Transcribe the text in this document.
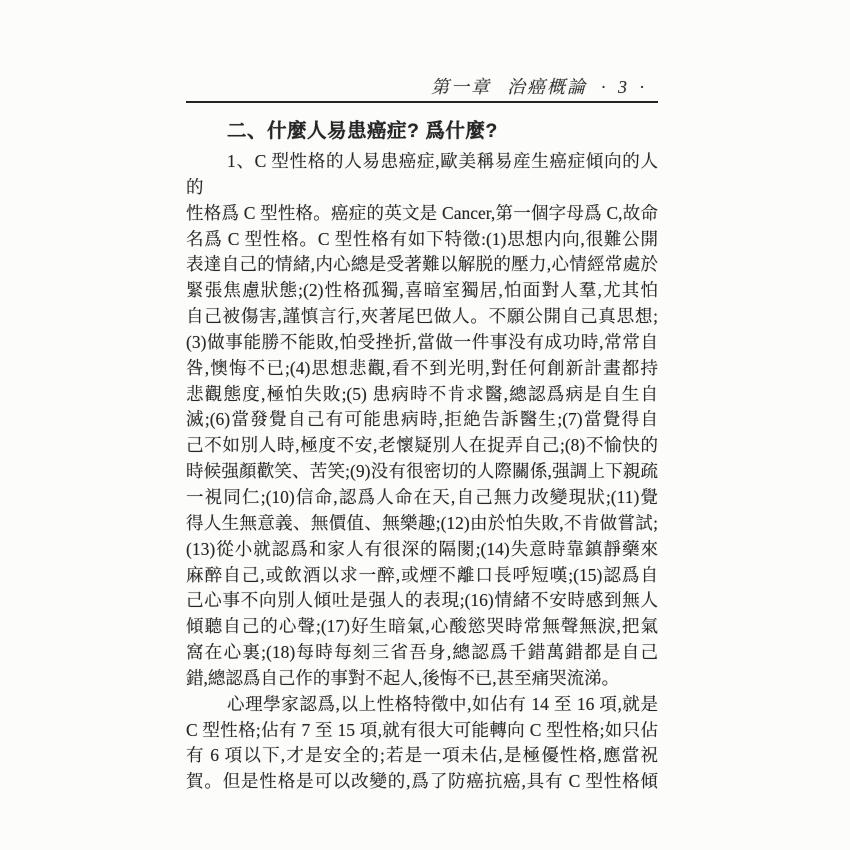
第一章 治癌概論 · 3 ·
二、什麼人易患癌症? 爲什麼?
1、C 型性格的人易患癌症,歐美稱易産生癌症傾向的人的
性格爲 C 型性格。癌症的英文是 Cancer,第一個字母爲 C,故命
名爲 C 型性格。C 型性格有如下特徵:(1)思想内向,很難公開
表達自己的情緒,内心總是受著難以解脱的壓力,心情經常處於
緊張焦慮狀態;(2)性格孤獨,喜暗室獨居,怕面對人羣,尤其怕
自己被傷害,謹慎言行,夾著尾巴做人。不願公開自己真思想;
(3)做事能勝不能敗,怕受挫折,當做一件事没有成功時,常常自
咎,懊悔不已;(4)思想悲觀,看不到光明,對任何創新計畫都持
悲觀態度,極怕失敗;(5) 患病時不肯求醫,總認爲病是自生自
滅;(6)當發覺自己有可能患病時,拒絶告訴醫生;(7)當覺得自
己不如別人時,極度不安,老懷疑別人在捉弄自己;(8)不愉快的
時候强顏歡笑、苦笑;(9)没有很密切的人際關係,强調上下親疏
一視同仁;(10)信命,認爲人命在天,自己無力改變現狀;(11)覺
得人生無意義、無價值、無樂趣;(12)由於怕失敗,不肯做嘗試;
(13)從小就認爲和家人有很深的隔閡;(14)失意時靠鎮靜藥來
麻醉自己,或飲酒以求一醉,或煙不離口長呼短嘆;(15)認爲自
己心事不向別人傾吐是强人的表現;(16)情緒不安時感到無人
傾聽自己的心聲;(17)好生暗氣,心酸慾哭時常無聲無淚,把氣
窩在心裏;(18)每時每刻三省吾身,總認爲千錯萬錯都是自己
錯,總認爲自己作的事對不起人,後悔不已,甚至痛哭流涕。
心理學家認爲,以上性格特徵中,如佔有 14 至 16 項,就是
C 型性格;佔有 7 至 15 項,就有很大可能轉向 C 型性格;如只佔
有 6 項以下,才是安全的;若是一項未佔,是極優性格,應當祝
賀。但是性格是可以改變的,爲了防癌抗癌,具有 C 型性格傾
